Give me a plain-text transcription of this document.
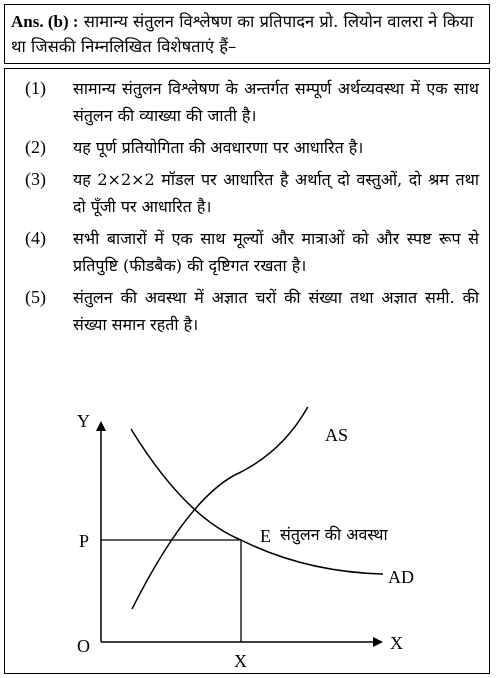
Ans. (b) : सामान्य संतुलन विश्लेषण का प्रतिपादन प्रो. लियोन वालरा ने किया था जिसकी निम्नलिखित विशेषताएं हैं–
(1)	सामान्य संतुलन विश्लेषण के अन्तर्गत सम्पूर्ण अर्थव्यवस्था में एक साथ संतुलन की व्याख्या की जाती है।
(2)	यह पूर्ण प्रतियोगिता की अवधारणा पर आधारित है।
(3)	यह 2×2×2 मॉडल पर आधारित है अर्थात् दो वस्तुओं, दो श्रम तथा दो पूँजी पर आधारित है।
(4)	सभी बाजारों में एक साथ मूल्यों और मात्राओं को और स्पष्ट रूप से प्रतिपुष्टि (फीडबैक) की दृष्टिगत रखता है।
(5)	संतुलन की अवस्था में अज्ञात चरों की संख्या तथा अज्ञात समी. की संख्या समान रहती है।
Y
X
O
P
X
E संतुलन की अवस्था
AS
AD
